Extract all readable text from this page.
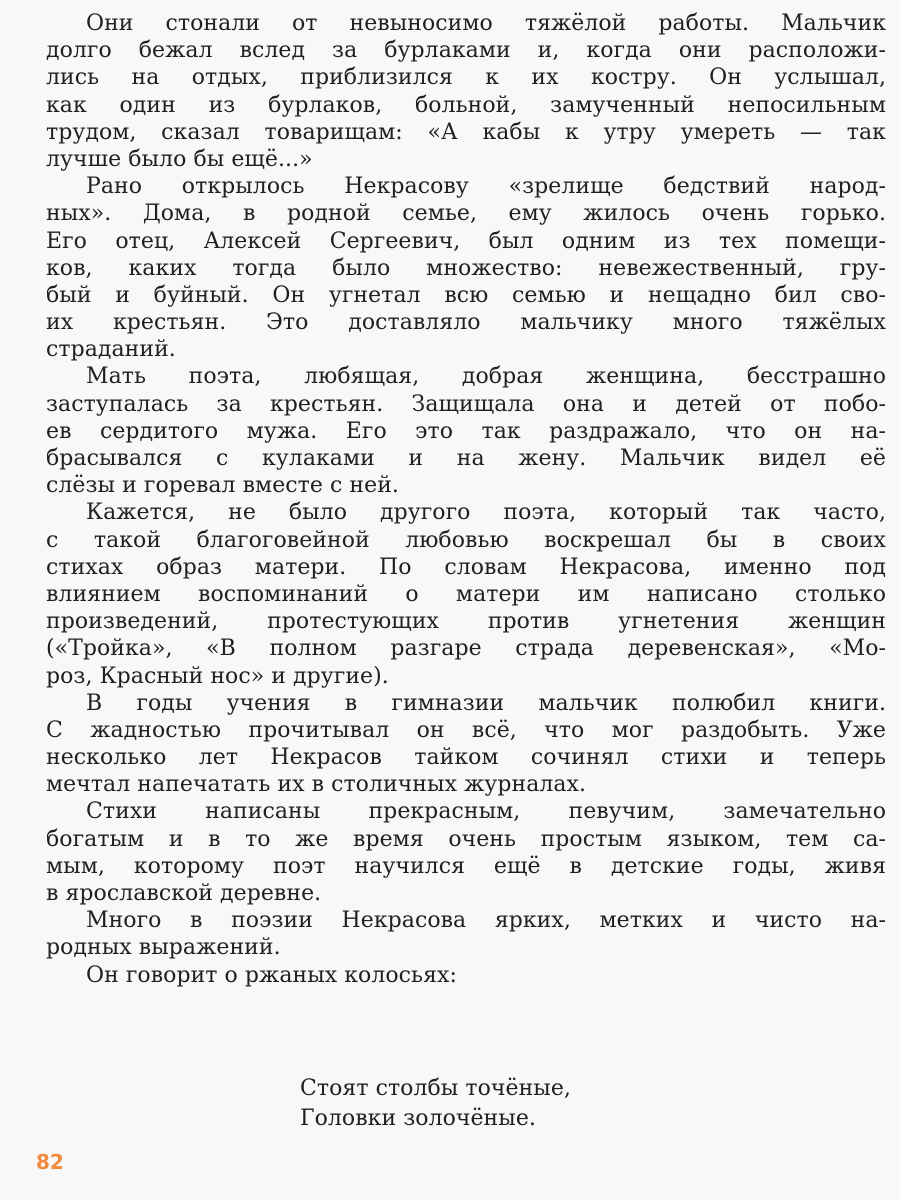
Они стонали от невыносимо тяжёлой работы. Мальчик
долго бежал вслед за бурлаками и, когда они расположи-
лись на отдых, приблизился к их костру. Он услышал,
как один из бурлаков, больной, замученный непосильным
трудом, сказал товарищам: «А кабы к утру умереть — так
лучше было бы ещё...»
Рано открылось Некрасову «зрелище бедствий народ-
ных». Дома, в родной семье, ему жилось очень горько.
Его отец, Алексей Сергеевич, был одним из тех помещи-
ков, каких тогда было множество: невежественный, гру-
бый и буйный. Он угнетал всю семью и нещадно бил сво-
их крестьян. Это доставляло мальчику много тяжёлых
страданий.
Мать поэта, любящая, добрая женщина, бесстрашно
заступалась за крестьян. Защищала она и детей от побо-
ев сердитого мужа. Его это так раздражало, что он на-
брасывался с кулаками и на жену. Мальчик видел её
слёзы и горевал вместе с ней.
Кажется, не было другого поэта, который так часто,
с такой благоговейной любовью воскрешал бы в своих
стихах образ матери. По словам Некрасова, именно под
влиянием воспоминаний о матери им написано столько
произведений, протестующих против угнетения женщин
(«Тройка», «В полном разгаре страда деревенская», «Мо-
роз, Красный нос» и другие).
В годы учения в гимназии мальчик полюбил книги.
С жадностью прочитывал он всё, что мог раздобыть. Уже
несколько лет Некрасов тайком сочинял стихи и теперь
мечтал напечатать их в столичных журналах.
Стихи написаны прекрасным, певучим, замечательно
богатым и в то же время очень простым языком, тем са-
мым, которому поэт научился ещё в детские годы, живя
в ярославской деревне.
Много в поэзии Некрасова ярких, метких и чисто на-
родных выражений.
Он говорит о ржаных колосьях:
Стоят столбы точёные,
Головки золочёные.
82
